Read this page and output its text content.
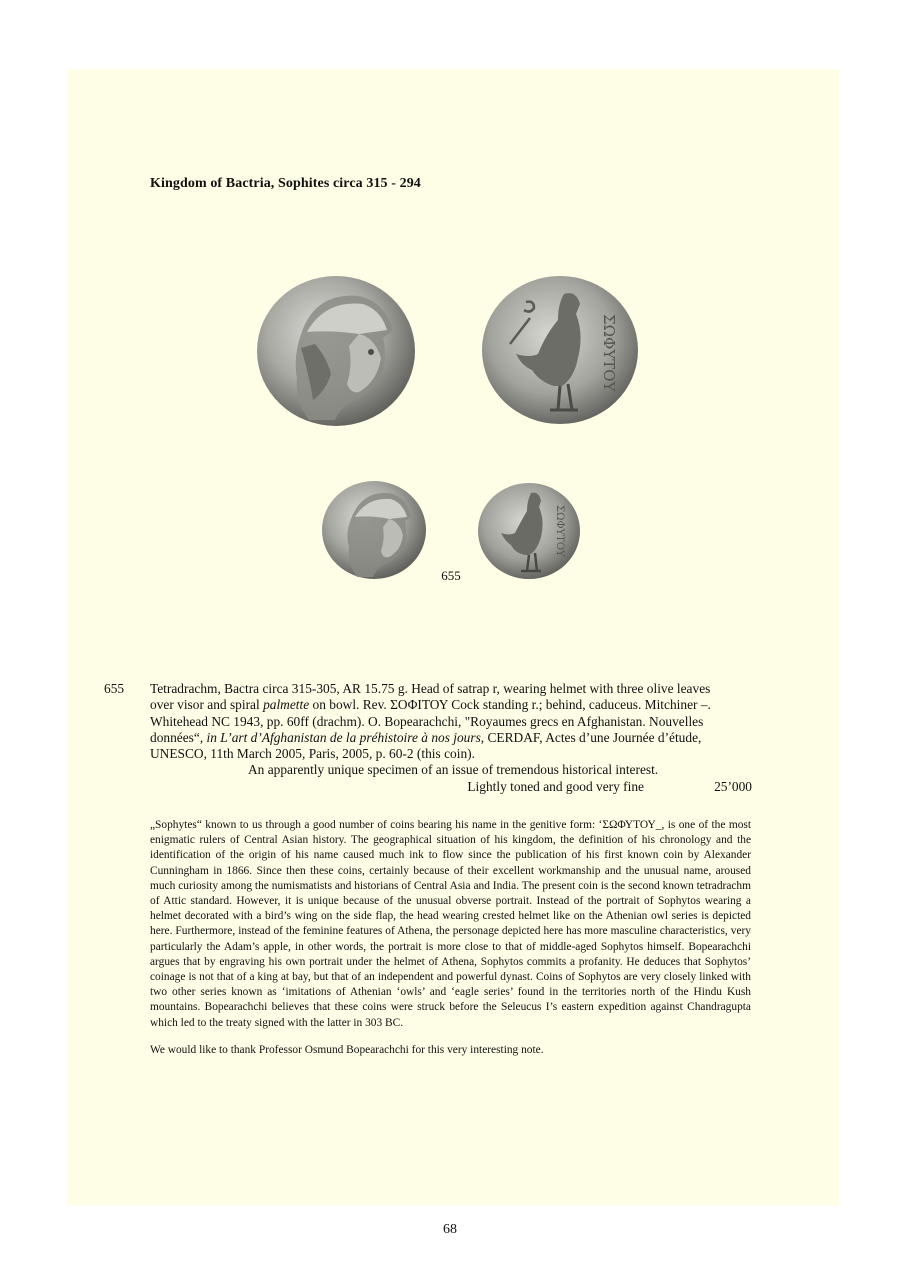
Kingdom of Bactria, Sophites circa 315 - 294
ΣΩΦΥΤΟΥ
ΣΩΦΥΤΟΥ
655
655 Tetradrachm, Bactra circa 315-305, AR 15.75 g. Head of satrap r, wearing helmet with three olive leaves
over visor and spiral palmette on bowl. Rev. ΣΟΦΙΤΟΥ Cock standing r.; behind, caduceus. Mitchiner –.
Whitehead NC 1943, pp. 60ff (drachm). O. Bopearachchi, "Royaumes grecs en Afghanistan. Nouvelles
données“, in L’art d’Afghanistan de la préhistoire à nos jours, CERDAF, Actes d’une Journée d’étude,
UNESCO, 11th March 2005, Paris, 2005, p. 60-2 (this coin).
An apparently unique specimen of an issue of tremendous historical interest.
Lightly toned and good very fine	25’000

„Sophytes“ known to us through a good number of coins bearing his name in the genitive form: ‘ΣΩΦΥΤΟΥ_, is one of the most enigmatic rulers of Central Asian history. The geographical situation of his kingdom, the definition of his chronology and the identification of the origin of his name caused much ink to flow since the publication of his first known coin by Alexander Cunningham in 1866. Since then these coins, certainly because of their excellent workmanship and the unusual name, aroused much curiosity among the numismatists and historians of Central Asia and India. The present coin is the second known tetradrachm of Attic standard. However, it is unique because of the unusual obverse portrait. Instead of the portrait of Sophytos wearing a helmet decorated with a bird’s wing on the side flap, the head wearing crested helmet like on the Athenian owl series is depicted here. Furthermore, instead of the feminine features of Athena, the personage depicted here has more masculine characteristics, very particularly the Adam’s apple, in other words, the portrait is more close to that of middle-aged Sophytos himself. Bopearachchi argues that by engraving his own portrait under the helmet of Athena, Sophytos commits a profanity. He deduces that Sophytos’ coinage is not that of a king at bay, but that of an independent and powerful dynast. Coins of Sophytos are very closely linked with two other series known as ‘imitations of Athenian ‘owls’ and ‘eagle series’ found in the territories north of the Hindu Kush mountains. Bopearachchi believes that these coins were struck before the Seleucus I’s eastern expedition against Chandragupta which led to the treaty signed with the latter in 303 BC.

We would like to thank Professor Osmund Bopearachchi for this very interesting note.

68
